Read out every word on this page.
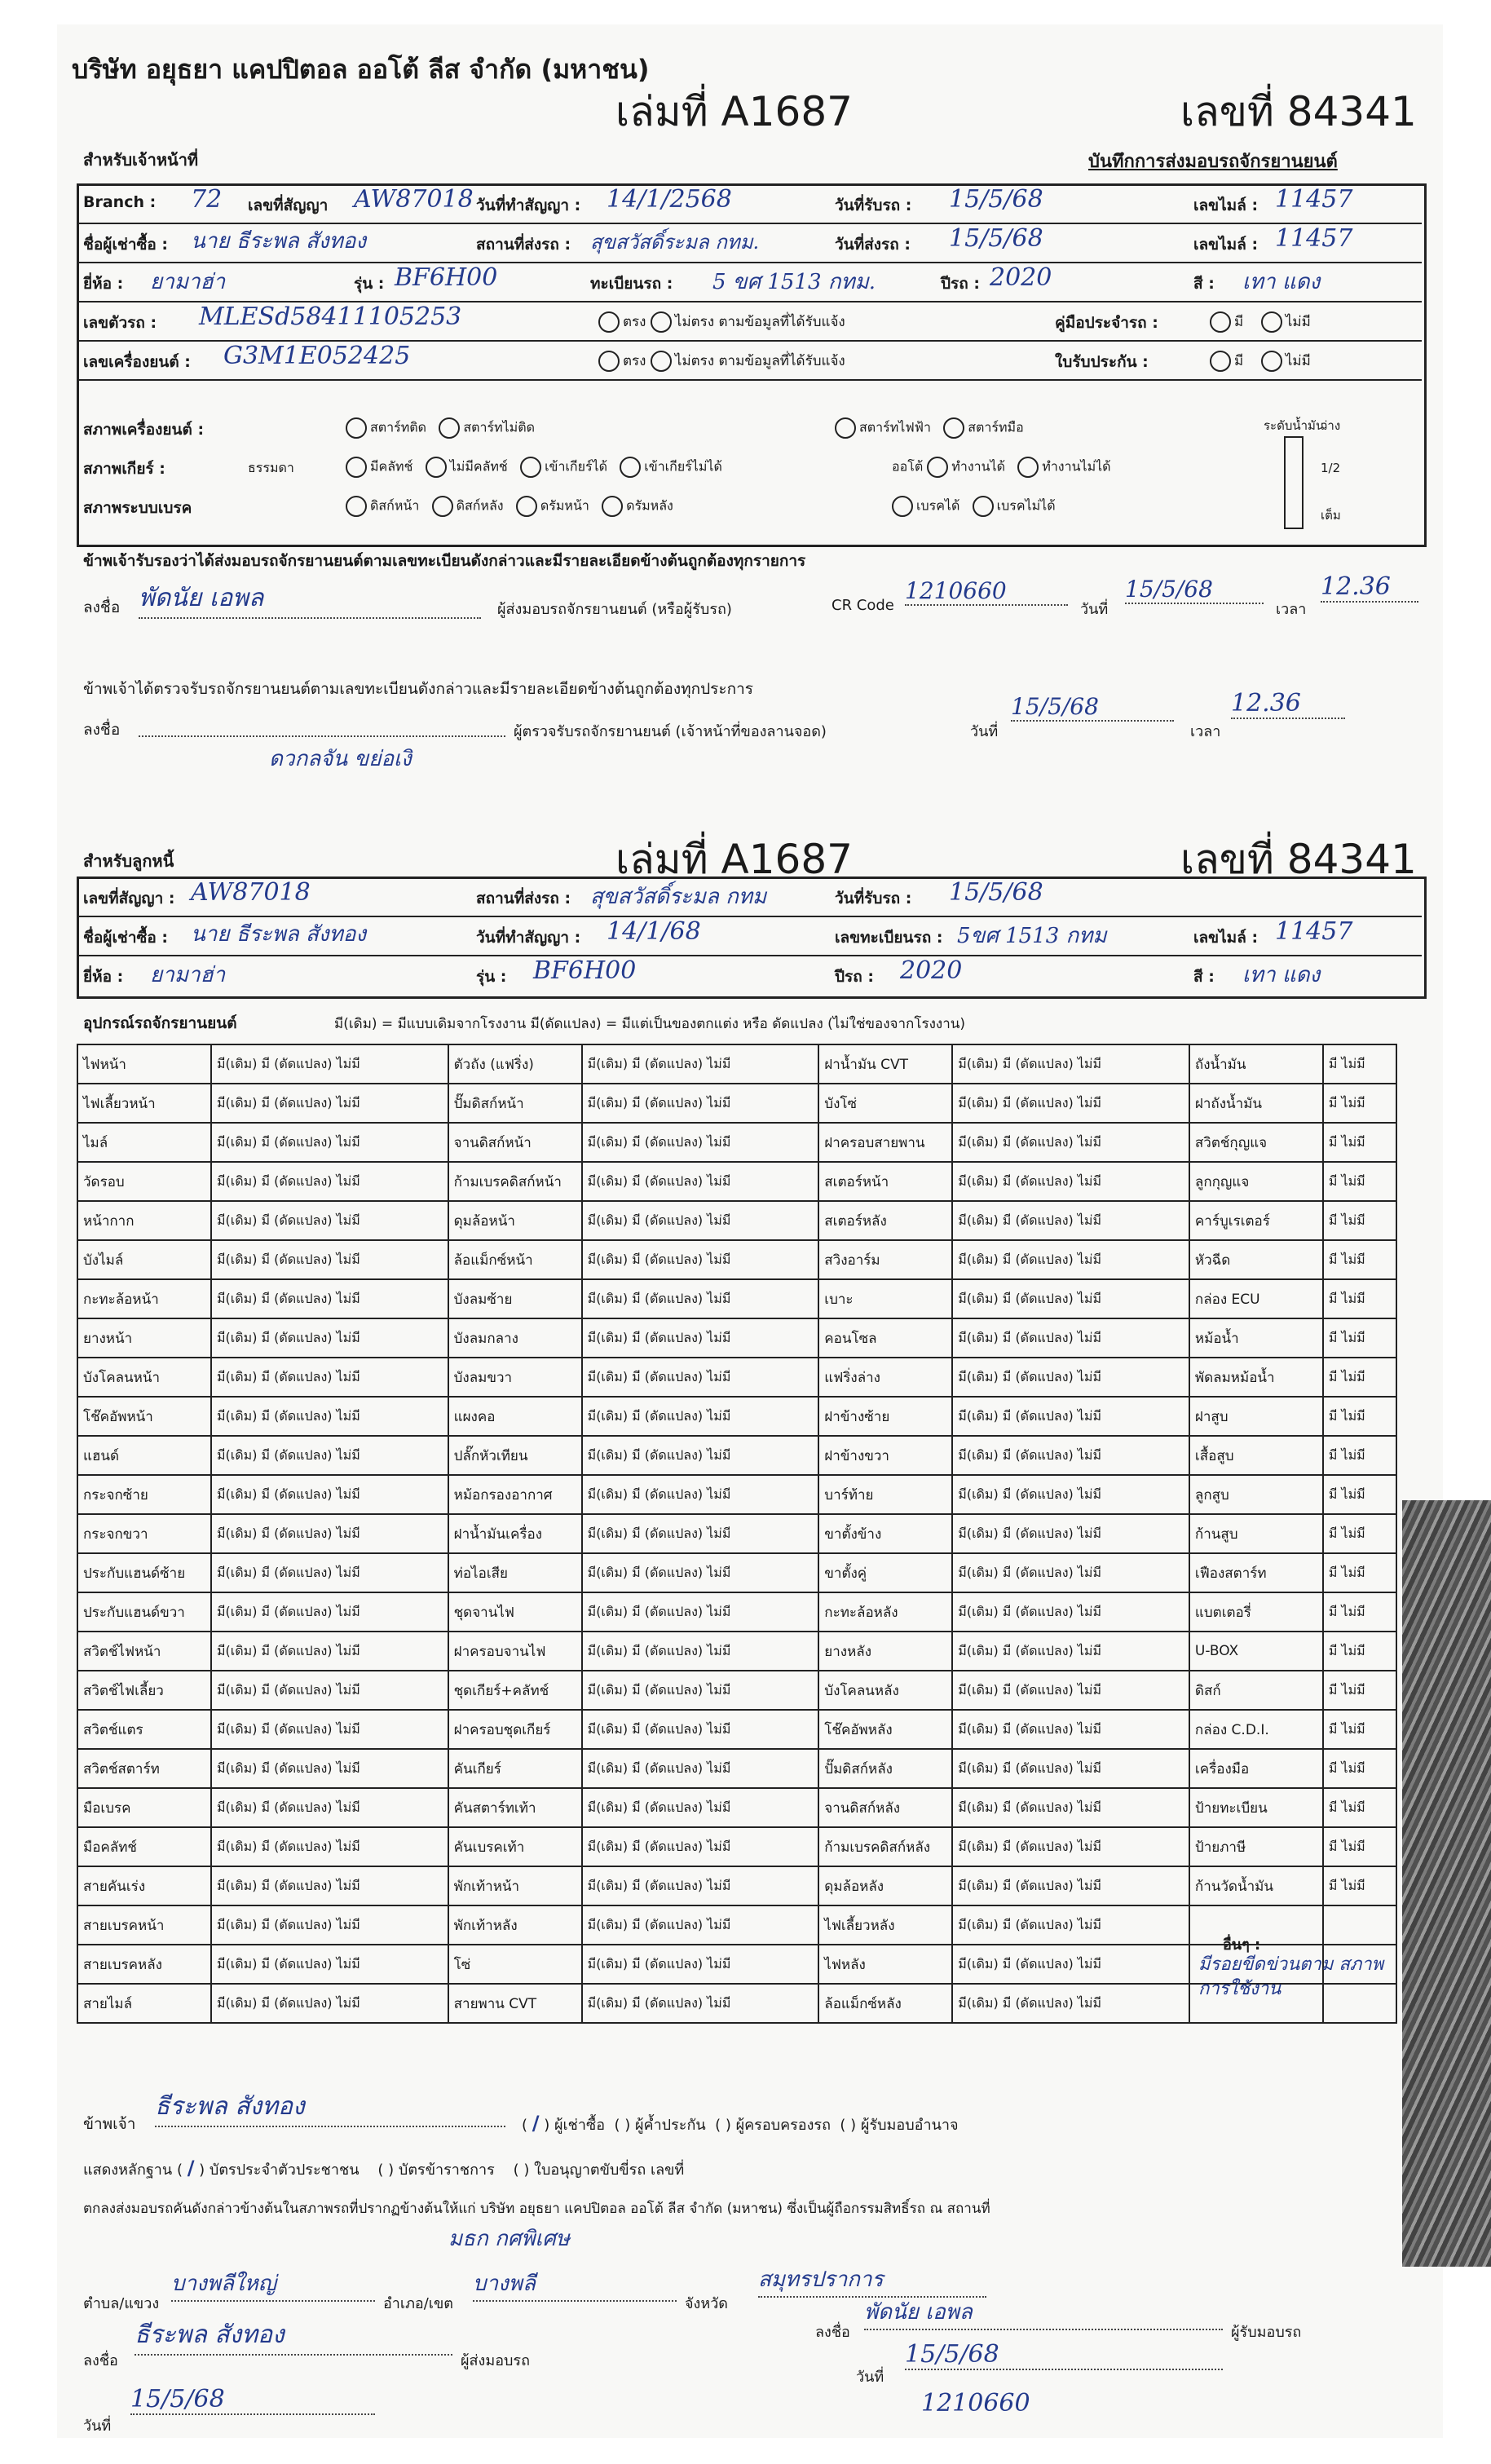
บริษัท อยุธยา แคปปิตอล ออโต้ ลีส จำกัด (มหาชน)
เล่มที่ A1687	เลขที่ 84341
สำหรับเจ้าหน้าที่	บันทึกการส่งมอบรถจักรยานยนต์
Branch : 72 เลขที่สัญญา AW87018 วันที่ทำสัญญา : 14/1/2568	วันที่รับรถ : 15/5/68	เลขไมล์ : 11457
ชื่อผู้เช่าซื้อ : นาย ธีระพล สังทอง	สถานที่ส่งรถ : สุขสวัสดิ์ระมล กทม.	วันที่ส่งรถ : 15/5/68	เลขไมล์ : 11457
ยี่ห้อ : ยามาฮ่า	รุ่น : BF6H00	ทะเบียนรถ : 5 ขศ 1513 กทม.	ปีรถ : 2020	สี : เทา แดง
เลขตัวรถ : MLESd58411105253	ตรง ไม่ตรง ตามข้อมูลที่ได้รับแจ้ง	คู่มือประจำรถ :	มี	ไม่มี
เลขเครื่องยนต์ : G3M1E052425	ตรง ไม่ตรง ตามข้อมูลที่ได้รับแจ้ง	ใบรับประกัน :	มี	ไม่มี
สภาพเครื่องยนต์ :	สตาร์ทติด	สตาร์ทไม่ติด	สตาร์ทไฟฟ้า	สตาร์ทมือ
สภาพเกียร์ :	ธรรมดา	มีคลัทช์	ไม่มีคลัทช์	เข้าเกียร์ได้	เข้าเกียร์ไม่ได้	ออโต้ ทำงานได้	ทำงานไม่ได้
สภาพระบบเบรค	ดิสก์หน้า	ดิสก์หลัง	ดรัมหน้า	ดรัมหลัง	เบรคได้	เบรคไม่ได้
ระดับน้ำมัน
ว่าง
1/2
เต็ม
ข้าพเจ้ารับรองว่าได้ส่งมอบรถจักรยานยนต์ตามเลขทะเบียนดังกล่าวและมีรายละเอียดข้างต้นถูกต้องทุกรายการ
ลงชื่อ พัดนัย เอพล	ผู้ส่งมอบรถจักรยานยนต์ (หรือผู้รับรถ)	CR Code
1210660
วันที่
15/5/68
เวลา
12.36
ข้าพเจ้าได้ตรวจรับรถจักรยานยนต์ตามเลขทะเบียนดังกล่าวและมีรายละเอียดข้างต้นถูกต้องทุกประการ
ลงชื่อ	ผู้ตรวจรับรถจักรยานยนต์ (เจ้าหน้าที่ของลานจอด)	วันที่
15/5/68
เวลา
12.36
ดวกลจัน ขย่อเงิ
สำหรับลูกหนี้	เล่มที่ A1687	เลขที่ 84341
เลขที่สัญญา : AW87018	สถานที่ส่งรถ : สุขสวัสดิ์ระมล กทม	วันที่รับรถ : 15/5/68
ชื่อผู้เช่าซื้อ : นาย ธีระพล สังทอง	วันที่ทำสัญญา : 14/1/68	เลขทะเบียนรถ : 5ขศ 1513 กทม	เลขไมล์ : 11457
ยี่ห้อ : ยามาฮ่า	รุ่น : BF6H00	ปีรถ : 2020	สี : เทา แดง
อุปกรณ์รถจักรยานยนต์	มี(เดิม) = มีแบบเดิมจากโรงงาน มี(ดัดแปลง) = มีแต่เป็นของตกแต่ง หรือ ดัดแปลง (ไม่ใช่ของจากโรงงาน)
ไฟหน้า	มี(เดิม) มี (ดัดแปลง) ไม่มี	ตัวถัง (แฟริ่ง)	มี(เดิม) มี (ดัดแปลง) ไม่มี	ฝาน้ำมัน CVT	มี(เดิม) มี (ดัดแปลง) ไม่มี	ถังน้ำมัน	มี ไม่มี
ไฟเลี้ยวหน้า	มี(เดิม) มี (ดัดแปลง) ไม่มี	ปั๊มดิสก์หน้า	มี(เดิม) มี (ดัดแปลง) ไม่มี	บังโซ่	มี(เดิม) มี (ดัดแปลง) ไม่มี	ฝาถังน้ำมัน	มี ไม่มี
ไมล์	มี(เดิม) มี (ดัดแปลง) ไม่มี	จานดิสก์หน้า	มี(เดิม) มี (ดัดแปลง) ไม่มี	ฝาครอบสายพาน	มี(เดิม) มี (ดัดแปลง) ไม่มี	สวิตช์กุญแจ	มี ไม่มี
วัดรอบ	มี(เดิม) มี (ดัดแปลง) ไม่มี	ก้ามเบรคดิสก์หน้า	มี(เดิม) มี (ดัดแปลง) ไม่มี	สเตอร์หน้า	มี(เดิม) มี (ดัดแปลง) ไม่มี	ลูกกุญแจ	มี ไม่มี
หน้ากาก	มี(เดิม) มี (ดัดแปลง) ไม่มี	ดุมล้อหน้า	มี(เดิม) มี (ดัดแปลง) ไม่มี	สเตอร์หลัง	มี(เดิม) มี (ดัดแปลง) ไม่มี	คาร์บูเรเตอร์	มี ไม่มี
บังไมล์	มี(เดิม) มี (ดัดแปลง) ไม่มี	ล้อแม็กซ์หน้า	มี(เดิม) มี (ดัดแปลง) ไม่มี	สวิงอาร์ม	มี(เดิม) มี (ดัดแปลง) ไม่มี	หัวฉีด	มี ไม่มี
กะทะล้อหน้า	มี(เดิม) มี (ดัดแปลง) ไม่มี	บังลมซ้าย	มี(เดิม) มี (ดัดแปลง) ไม่มี	เบาะ	มี(เดิม) มี (ดัดแปลง) ไม่มี	กล่อง ECU	มี ไม่มี
ยางหน้า	มี(เดิม) มี (ดัดแปลง) ไม่มี	บังลมกลาง	มี(เดิม) มี (ดัดแปลง) ไม่มี	คอนโซล	มี(เดิม) มี (ดัดแปลง) ไม่มี	หม้อน้ำ	มี ไม่มี
บังโคลนหน้า	มี(เดิม) มี (ดัดแปลง) ไม่มี	บังลมขวา	มี(เดิม) มี (ดัดแปลง) ไม่มี	แฟริ่งล่าง	มี(เดิม) มี (ดัดแปลง) ไม่มี	พัดลมหม้อน้ำ	มี ไม่มี
โช๊คอัพหน้า	มี(เดิม) มี (ดัดแปลง) ไม่มี	แผงคอ	มี(เดิม) มี (ดัดแปลง) ไม่มี	ฝาข้างซ้าย	มี(เดิม) มี (ดัดแปลง) ไม่มี	ฝาสูบ	มี ไม่มี
แฮนด์	มี(เดิม) มี (ดัดแปลง) ไม่มี	ปลั๊กหัวเทียน	มี(เดิม) มี (ดัดแปลง) ไม่มี	ฝาข้างขวา	มี(เดิม) มี (ดัดแปลง) ไม่มี	เสื้อสูบ	มี ไม่มี
กระจกซ้าย	มี(เดิม) มี (ดัดแปลง) ไม่มี	หม้อกรองอากาศ	มี(เดิม) มี (ดัดแปลง) ไม่มี	บาร์ท้าย	มี(เดิม) มี (ดัดแปลง) ไม่มี	ลูกสูบ	มี ไม่มี
กระจกขวา	มี(เดิม) มี (ดัดแปลง) ไม่มี	ฝาน้ำมันเครื่อง	มี(เดิม) มี (ดัดแปลง) ไม่มี	ขาตั้งข้าง	มี(เดิม) มี (ดัดแปลง) ไม่มี	ก้านสูบ	มี ไม่มี
ประกับแฮนด์ซ้าย	มี(เดิม) มี (ดัดแปลง) ไม่มี	ท่อไอเสีย	มี(เดิม) มี (ดัดแปลง) ไม่มี	ขาตั้งคู่	มี(เดิม) มี (ดัดแปลง) ไม่มี	เฟืองสตาร์ท	มี ไม่มี
ประกับแฮนด์ขวา	มี(เดิม) มี (ดัดแปลง) ไม่มี	ชุดจานไฟ	มี(เดิม) มี (ดัดแปลง) ไม่มี	กะทะล้อหลัง	มี(เดิม) มี (ดัดแปลง) ไม่มี	แบตเตอรี่	มี ไม่มี
สวิตช์ไฟหน้า	มี(เดิม) มี (ดัดแปลง) ไม่มี	ฝาครอบจานไฟ	มี(เดิม) มี (ดัดแปลง) ไม่มี	ยางหลัง	มี(เดิม) มี (ดัดแปลง) ไม่มี	U-BOX	มี ไม่มี
สวิตช์ไฟเลี้ยว	มี(เดิม) มี (ดัดแปลง) ไม่มี	ชุดเกียร์+คลัทช์	มี(เดิม) มี (ดัดแปลง) ไม่มี	บังโคลนหลัง	มี(เดิม) มี (ดัดแปลง) ไม่มี	ดิสก์	มี ไม่มี
สวิตช์แตร	มี(เดิม) มี (ดัดแปลง) ไม่มี	ฝาครอบชุดเกียร์	มี(เดิม) มี (ดัดแปลง) ไม่มี	โช๊คอัพหลัง	มี(เดิม) มี (ดัดแปลง) ไม่มี	กล่อง C.D.I.	มี ไม่มี
สวิตช์สตาร์ท	มี(เดิม) มี (ดัดแปลง) ไม่มี	คันเกียร์	มี(เดิม) มี (ดัดแปลง) ไม่มี	ปั๊มดิสก์หลัง	มี(เดิม) มี (ดัดแปลง) ไม่มี	เครื่องมือ	มี ไม่มี
มือเบรค	มี(เดิม) มี (ดัดแปลง) ไม่มี	คันสตาร์ทเท้า	มี(เดิม) มี (ดัดแปลง) ไม่มี	จานดิสก์หลัง	มี(เดิม) มี (ดัดแปลง) ไม่มี	ป้ายทะเบียน	มี ไม่มี
มือคลัทช์	มี(เดิม) มี (ดัดแปลง) ไม่มี	คันเบรคเท้า	มี(เดิม) มี (ดัดแปลง) ไม่มี	ก้ามเบรคดิสก์หลัง	มี(เดิม) มี (ดัดแปลง) ไม่มี	ป้ายภาษี	มี ไม่มี
สายคันเร่ง	มี(เดิม) มี (ดัดแปลง) ไม่มี	พักเท้าหน้า	มี(เดิม) มี (ดัดแปลง) ไม่มี	ดุมล้อหลัง	มี(เดิม) มี (ดัดแปลง) ไม่มี	ก้านวัดน้ำมัน	มี ไม่มี
สายเบรคหน้า	มี(เดิม) มี (ดัดแปลง) ไม่มี	พักเท้าหลัง	มี(เดิม) มี (ดัดแปลง) ไม่มี	ไฟเลี้ยวหลัง	มี(เดิม) มี (ดัดแปลง) ไม่มี		
สายเบรคหลัง	มี(เดิม) มี (ดัดแปลง) ไม่มี	โซ่	มี(เดิม) มี (ดัดแปลง) ไม่มี	ไฟหลัง	มี(เดิม) มี (ดัดแปลง) ไม่มี		
สายไมล์	มี(เดิม) มี (ดัดแปลง) ไม่มี	สายพาน CVT	มี(เดิม) มี (ดัดแปลง) ไม่มี	ล้อแม็กซ์หลัง	มี(เดิม) มี (ดัดแปลง) ไม่มี		
อื่นๆ :
มีรอยขีดข่วนตาม สภาพการใช้งาน
ข้าพเจ้า
ธีระพล สังทอง
( / ) ผู้เช่าซื้อ  ( ) ผู้ค้ำประกัน  ( ) ผู้ครอบครองรถ  ( ) ผู้รับมอบอำนาจ
แสดงหลักฐาน ( / ) บัตรประจำตัวประชาชน    ( ) บัตรข้าราชการ    ( ) ใบอนุญาตขับขี่รถ เลขที่
ตกลงส่งมอบรถคันดังกล่าวข้างต้นในสภาพรถที่ปรากฏข้างต้นให้แก่ บริษัท อยุธยา แคปปิตอล ออโต้ ลีส จำกัด (มหาชน) ซึ่งเป็นผู้ถือกรรมสิทธิ์รถ ณ สถานที่
มธก กศพิเศษ
ตำบล/แขวง
บางพลีใหญ่
อำเภอ/เขต
บางพลี
จังหวัด
สมุทรปราการ
ลงชื่อ
ธีระพล สังทอง
ผู้ส่งมอบรถ
ลงชื่อ
พัดนัย เอพล
ผู้รับมอบรถ
วันที่
15/5/68
วันที่
15/5/68
1210660
